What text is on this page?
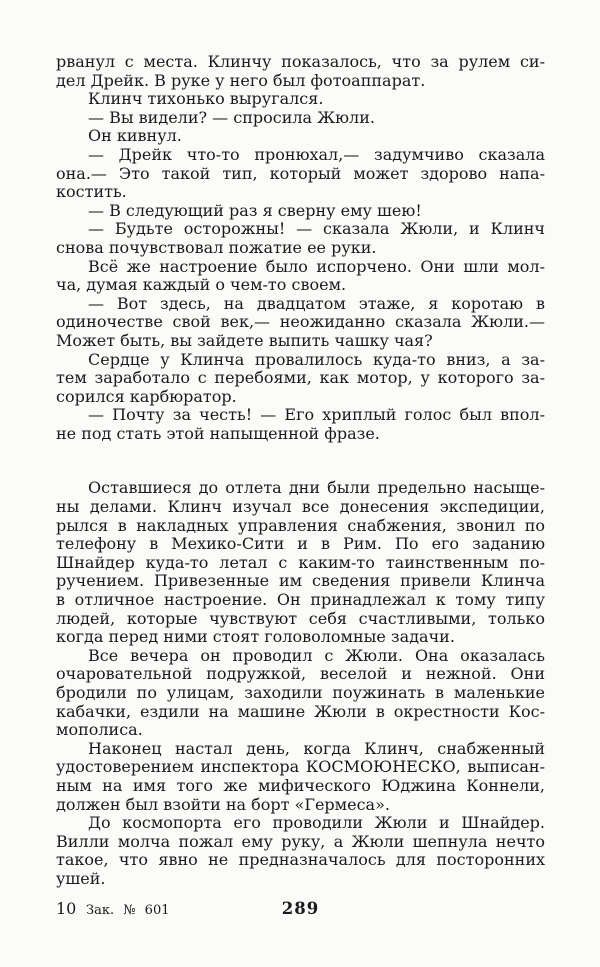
рванул с места. Клинчу показалось, что за рулем си-
дел Дрейк. В руке у него был фотоаппарат.
Клинч тихонько выругался.
— Вы видели? — спросила Жюли.
Он кивнул.
— Дрейк что-то пронюхал,— задумчиво сказала
она.— Это такой тип, который может здорово напа-
костить.
— В следующий раз я сверну ему шею!
— Будьте осторожны! — сказала Жюли, и Клинч
снова почувствовал пожатие ее руки.
Всё же настроение было испорчено. Они шли мол-
ча, думая каждый о чем-то своем.
— Вот здесь, на двадцатом этаже, я коротаю в
одиночестве свой век,— неожиданно сказала Жюли.—
Может быть, вы зайдете выпить чашку чая?
Сердце у Клинча провалилось куда-то вниз, а за-
тем заработало с перебоями, как мотор, у которого за-
сорился карбюратор.
— Почту за честь! — Его хриплый голос был впол-
не под стать этой напыщенной фразе.
Оставшиеся до отлета дни были предельно насыще-
ны делами. Клинч изучал все донесения экспедиции,
рылся в накладных управления снабжения, звонил по
телефону в Мехико-Сити и в Рим. По его заданию
Шнайдер куда-то летал с каким-то таинственным по-
ручением. Привезенные им сведения привели Клинча
в отличное настроение. Он принадлежал к тому типу
людей, которые чувствуют себя счастливыми, только
когда перед ними стоят головоломные задачи.
Все вечера он проводил с Жюли. Она оказалась
очаровательной подружкой, веселой и нежной. Они
бродили по улицам, заходили поужинать в маленькие
кабачки, ездили на машине Жюли в окрестности Кос-
мополиса.
Наконец настал день, когда Клинч, снабженный
удостоверением инспектора КОСМОЮНЕСКО, выписан-
ным на имя того же мифического Юджина Коннели,
должен был взойти на борт «Гермеса».
До космопорта его проводили Жюли и Шнайдер.
Вилли молча пожал ему руку, а Жюли шепнула нечто
такое, что явно не предназначалось для посторонних
ушей.
10 Зак. № 601	289
